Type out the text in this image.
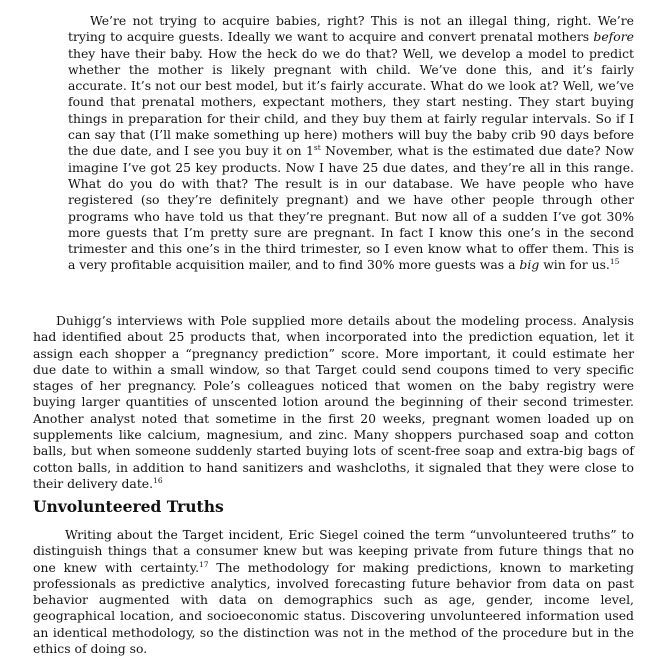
We’re not trying to acquire babies, right? This is not an illegal thing, right. We’re trying to acquire guests. Ideally we want to acquire and convert prenatal mothers before they have their baby. How the heck do we do that? Well, we develop a model to predict whether the mother is likely pregnant with child. We’ve done this, and it’s fairly accurate. It’s not our best model, but it’s fairly accurate. What do we look at? Well, we’ve found that prenatal mothers, expectant mothers, they start nesting. They start buying things in preparation for their child, and they buy them at fairly regular intervals. So if I can say that (I’ll make something up here) mothers will buy the baby crib 90 days before the due date, and I see you buy it on 1st November, what is the estimated due date? Now imagine I’ve got 25 key products. Now I have 25 due dates, and they’re all in this range. What do you do with that? The result is in our database. We have people who have registered (so they’re definitely pregnant) and we have other people through other programs who have told us that they’re pregnant. But now all of a sudden I’ve got 30% more guests that I’m pretty sure are pregnant. In fact I know this one’s in the second trimester and this one’s in the third trimester, so I even know what to offer them. This is a very profitable acquisition mailer, and to find 30% more guests was a big win for us.$^{15}$

Duhigg’s interviews with Pole supplied more details about the modeling process. Analysis had identified about 25 products that, when incorporated into the prediction equation, let it assign each shopper a “pregnancy prediction” score. More important, it could estimate her due date to within a small window, so that Target could send coupons timed to very specific stages of her pregnancy. Pole’s colleagues noticed that women on the baby registry were buying larger quantities of unscented lotion around the beginning of their second trimester. Another analyst noted that sometime in the first 20 weeks, pregnant women loaded up on supplements like calcium, magnesium, and zinc. Many shoppers purchased soap and cotton balls, but when someone suddenly started buying lots of scent-free soap and extra-big bags of cotton balls, in addition to hand sanitizers and washcloths, it signaled that they were close to their delivery date.$^{16}$

Unvolunteered Truths

Writing about the Target incident, Eric Siegel coined the term “unvolunteered truths” to distinguish things that a consumer knew but was keeping private from future things that no one knew with certainty.$^{17}$ The methodology for making predictions, known to marketing professionals as predictive analytics, involved forecasting future behavior from data on past behavior augmented with data on demographics such as age, gender, income level, geographical location, and socioeconomic status. Discovering unvolunteered information used an identical methodology, so the distinction was not in the method of the procedure but in the ethics of doing so.
